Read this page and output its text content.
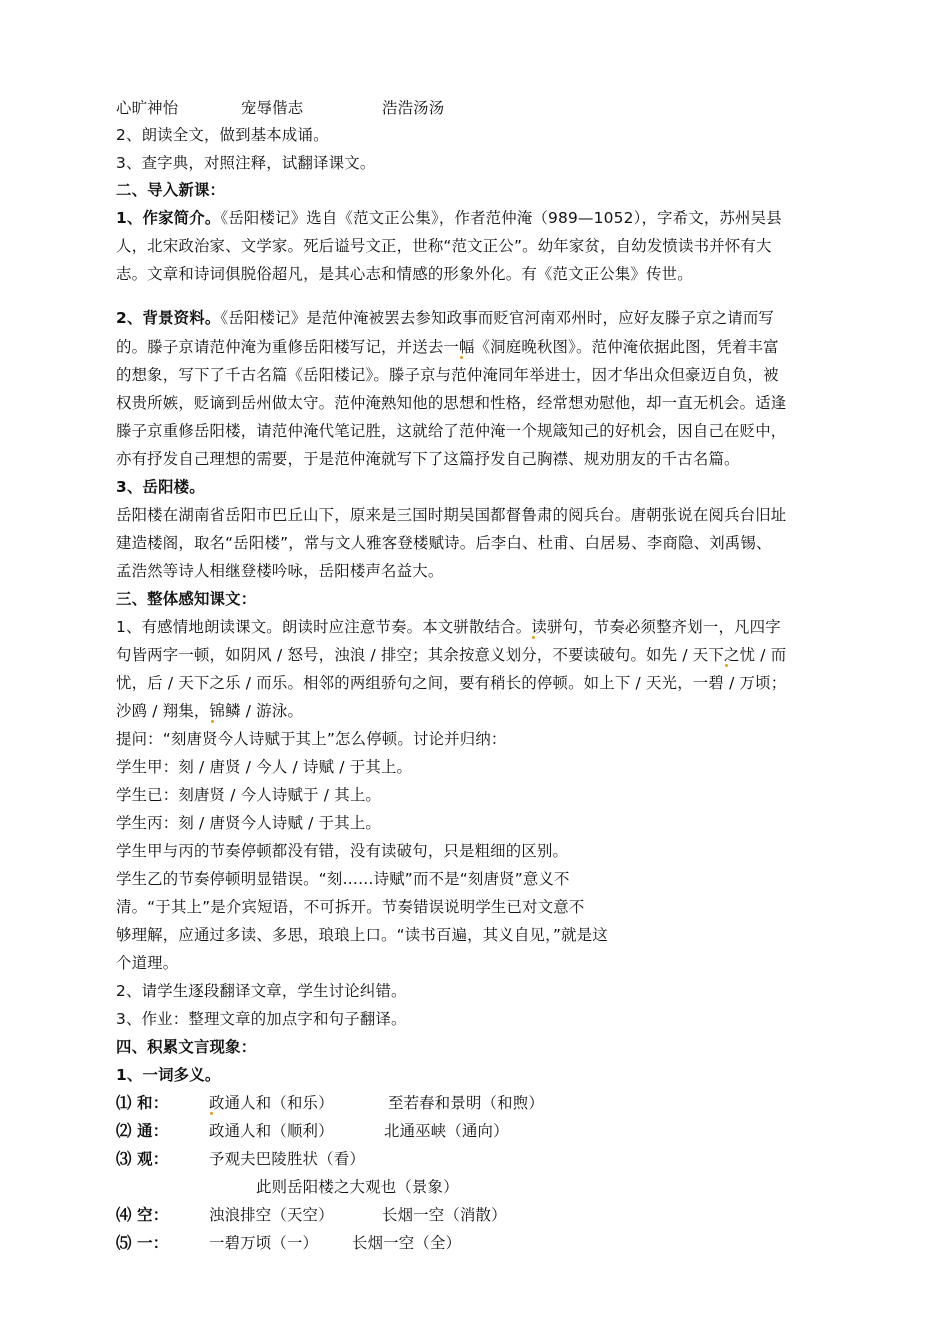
心旷神怡	宠辱偕志	浩浩汤汤
2、朗读全文，做到基本成诵。
3、查字典，对照注释，试翻译课文。
二、导入新课：
1、作家简介。《岳阳楼记》选自《范文正公集》，作者范仲淹（989—1052），字希文，苏州吴县
人，北宋政治家、文学家。死后谥号文正，世称“范文正公”。幼年家贫，自幼发愤读书并怀有大
志。文章和诗词俱脱俗超凡，是其心志和情感的形象外化。有《范文正公集》传世。
2、背景资料。《岳阳楼记》是范仲淹被罢去参知政事而贬官河南邓州时，应好友滕子京之请而写
的。滕子京请范仲淹为重修岳阳楼写记，并送去一幅《洞庭晚秋图》。范仲淹依据此图，凭着丰富
的想象，写下了千古名篇《岳阳楼记》。滕子京与范仲淹同年举进士，因才华出众但豪迈自负，被
权贵所嫉，贬谪到岳州做太守。范仲淹熟知他的思想和性格，经常想劝慰他，却一直无机会。适逢
滕子京重修岳阳楼，请范仲淹代笔记胜，这就给了范仲淹一个规箴知己的好机会，因自己在贬中，
亦有抒发自己理想的需要，于是范仲淹就写下了这篇抒发自己胸襟、规劝朋友的千古名篇。
3、岳阳楼。
岳阳楼在湖南省岳阳市巴丘山下，原来是三国时期吴国都督鲁肃的阅兵台。唐朝张说在阅兵台旧址
建造楼阁，取名“岳阳楼”，常与文人雅客登楼赋诗。后李白、杜甫、白居易、李商隐、刘禹锡、
孟浩然等诗人相继登楼吟咏，岳阳楼声名益大。
三、整体感知课文：
1、有感情地朗读课文。朗读时应注意节奏。本文骈散结合。读骈句，节奏必须整齐划一，凡四字
句皆两字一顿，如阴风 / 怒号，浊浪 / 排空；其余按意义划分，不要读破句。如先 / 天下之忧 / 而
忧，后 / 天下之乐 / 而乐。相邻的两组骄句之间，要有稍长的停顿。如上下 / 天光，一碧 / 万顷；
沙鸥 / 翔集，锦鳞 / 游泳。
提问：“刻唐贤今人诗赋于其上”怎么停顿。讨论并归纳：
学生甲：刻 / 唐贤 / 今人 / 诗赋 / 于其上。
学生已：刻唐贤 / 今人诗赋于 / 其上。
学生丙：刻 / 唐贤今人诗赋 / 于其上。
学生甲与丙的节奏停顿都没有错，没有读破句，只是粗细的区别。
学生乙的节奏停顿明显错误。“刻……诗赋”而不是“刻唐贤”意义不
清。“于其上”是介宾短语，不可拆开。节奏错误说明学生已对文意不
够理解，应通过多读、多思，琅琅上口。“读书百遍，其义自见，”就是这
个道理。
2、请学生逐段翻译文章，学生讨论纠错。
3、作业：整理文章的加点字和句子翻译。
四、积累文言现象：
1、一词多义。
⑴ 和：	政通人和（和乐）	至若春和景明（和煦）
⑵ 通：	政通人和（顺利）	北通巫峡（通向）
⑶ 观：	予观夫巴陵胜状（看）
此则岳阳楼之大观也（景象）
⑷ 空：	浊浪排空（天空）	长烟一空（消散）
⑸ 一：	一碧万顷（一） 长烟一空（全）
